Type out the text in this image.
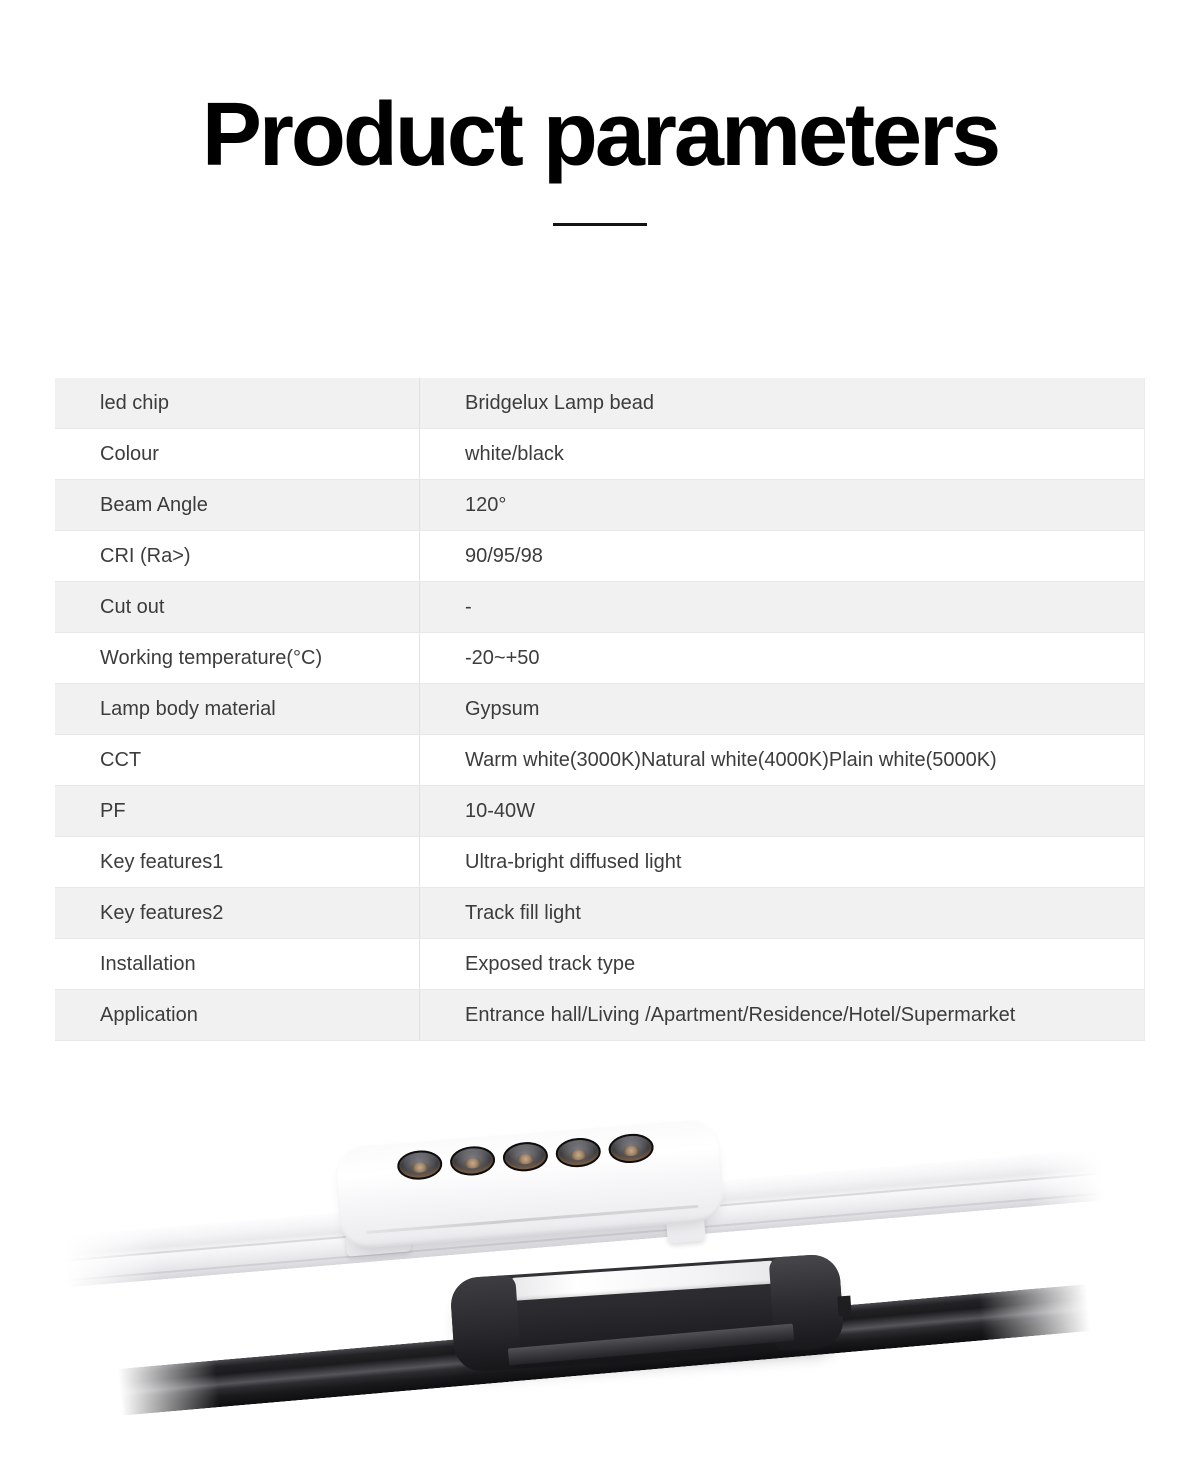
Product parameters
led chip	Bridgelux Lamp bead
Colour	white/black
Beam Angle	120°
CRI (Ra>)	90/95/98
Cut out	-
Working temperature(°C)	-20~+50
Lamp body material	Gypsum
CCT	Warm white(3000K)Natural white(4000K)Plain white(5000K)
PF	10-40W
Key features1	Ultra-bright diffused light
Key features2	Track fill light
Installation	Exposed track type
Application	Entrance hall/Living /Apartment/Residence/Hotel/Supermarket
